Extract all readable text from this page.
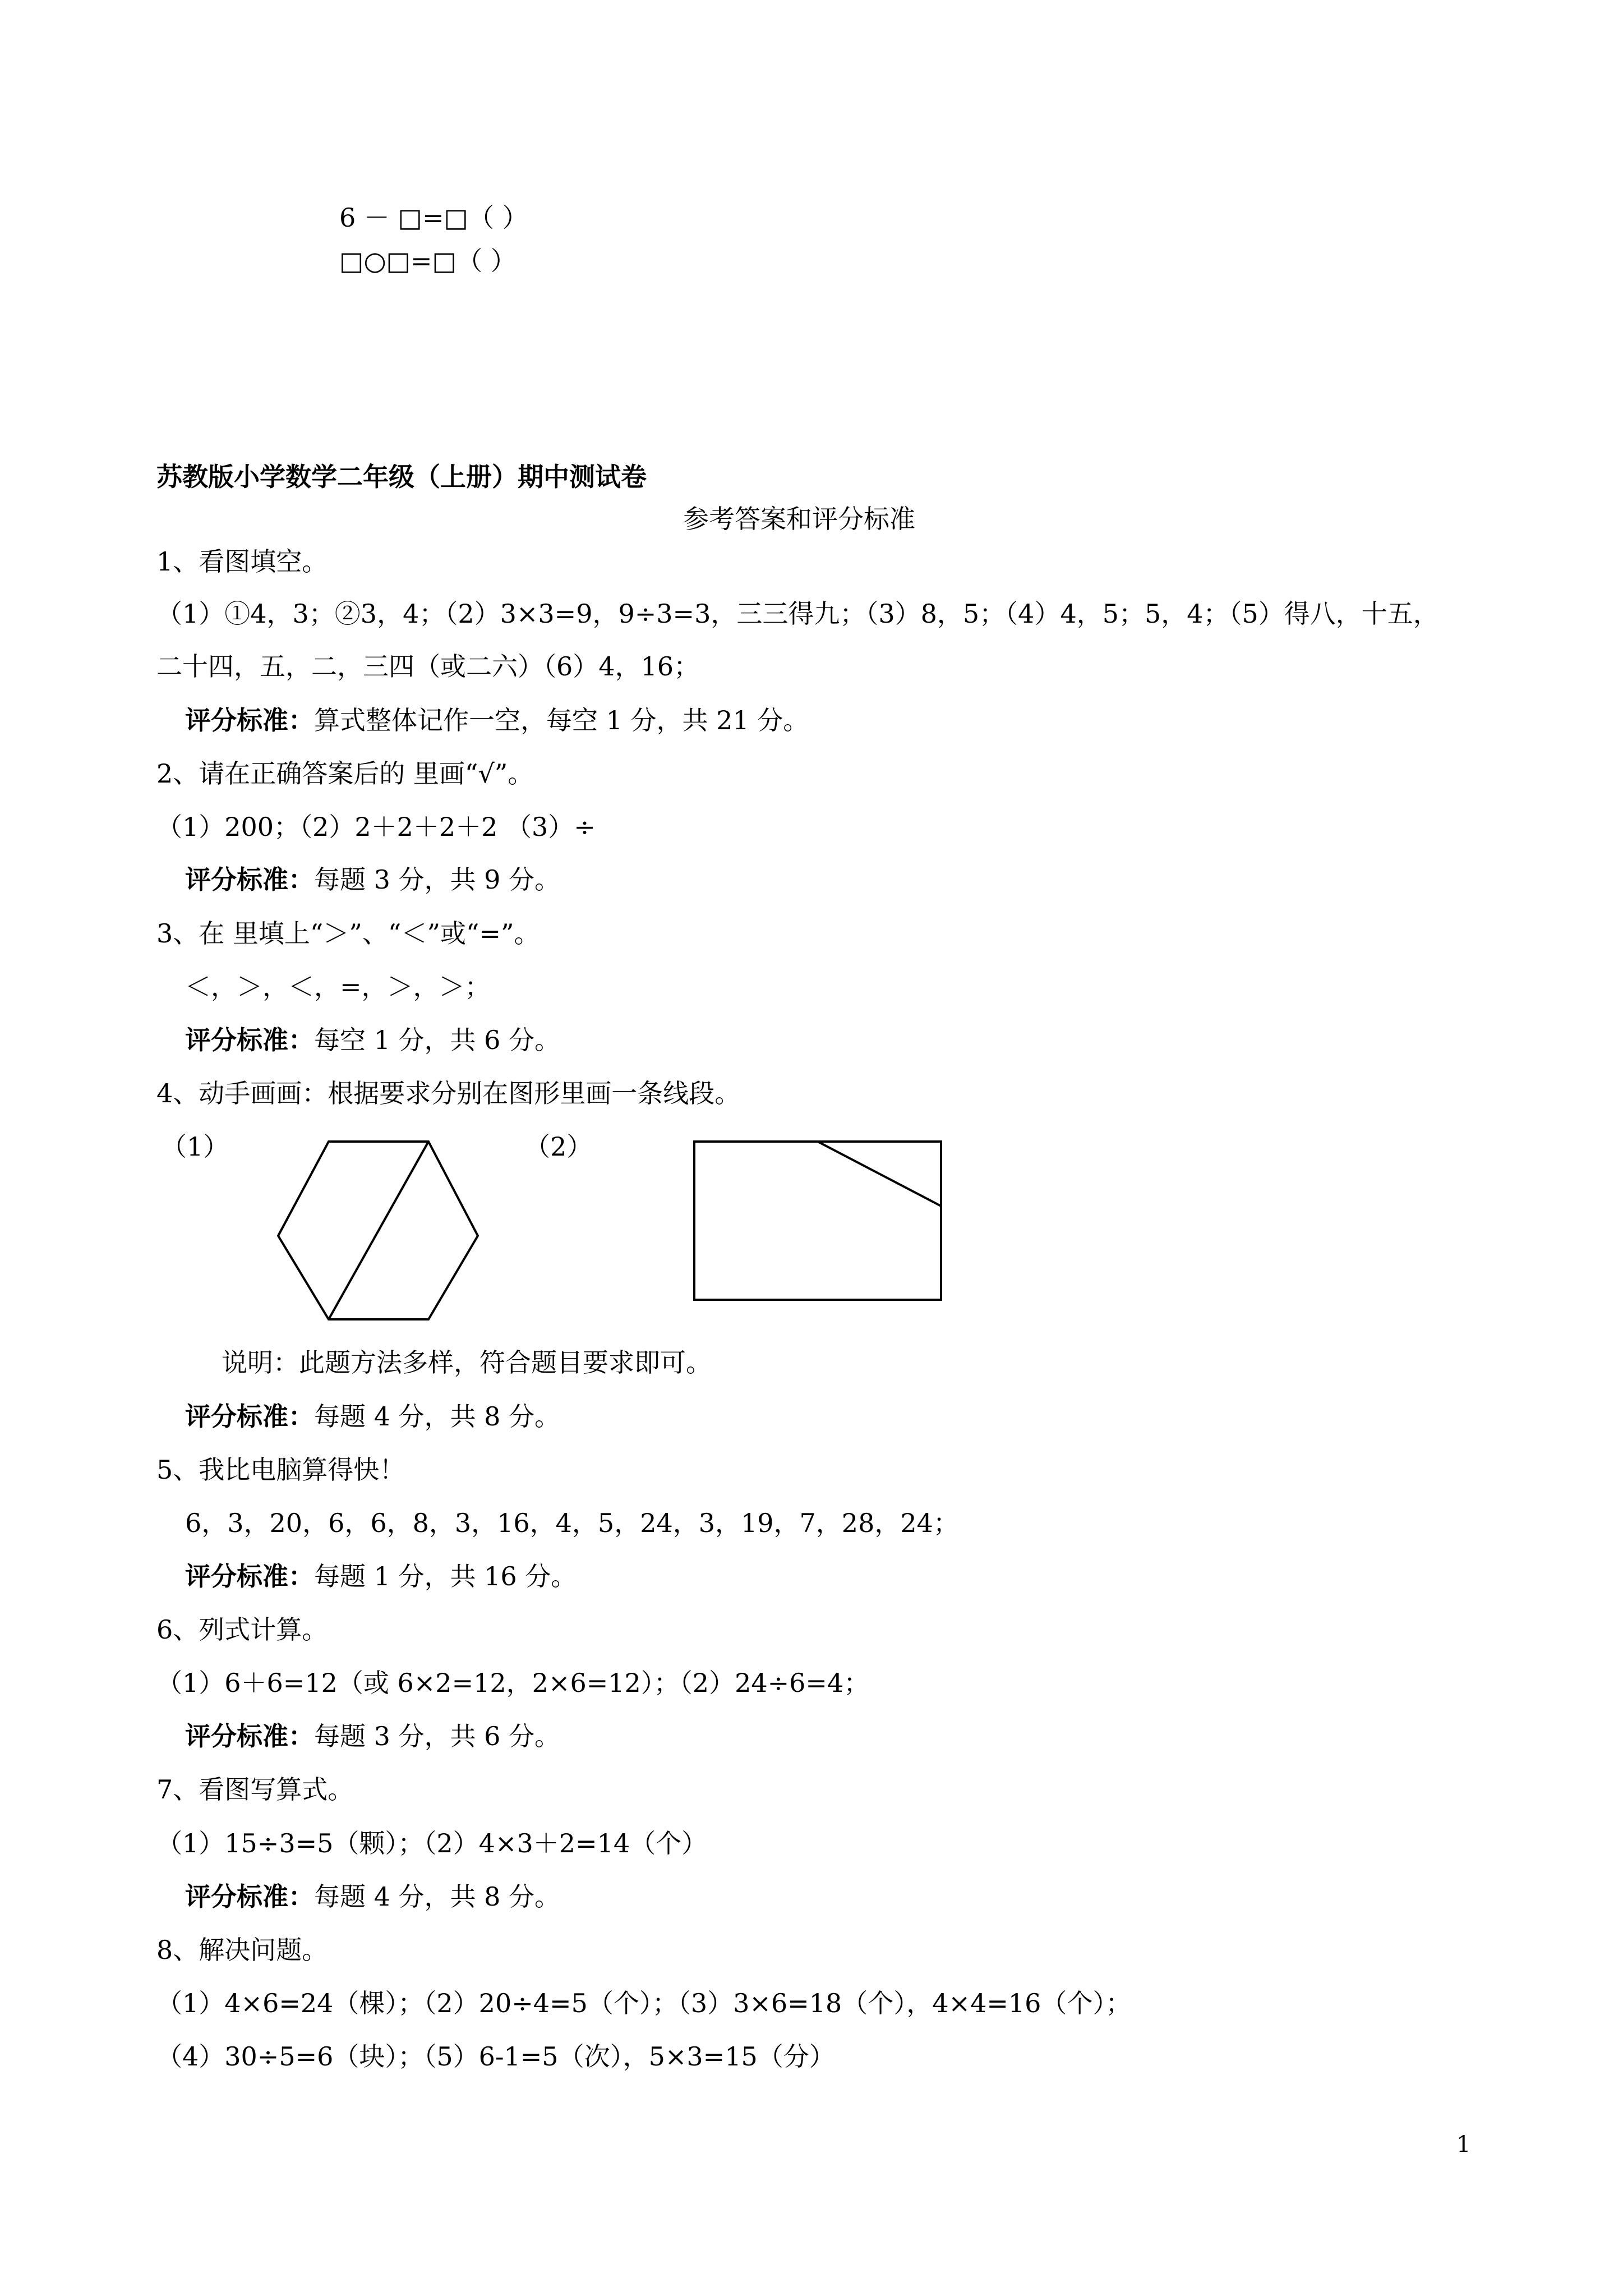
6 － □=□（ ）
□○□=□（ ）
苏教版小学数学二年级（上册）期中测试卷
参考答案和评分标准
1、看图填空。
（1）①4，3；②3，4；（2）3×3=9，9÷3=3，三三得九；（3）8，5；（4）4，5；5，4；（5）得八，十五，
二十四，五，二，三四（或二六）（6）4，16；
评分标准：算式整体记作一空，每空 1 分，共 21 分。
2、请在正确答案后的 里画“√”。
（1）200；（2）2＋2＋2＋2 （3）÷
评分标准：每题 3 分，共 9 分。
3、在 里填上“＞”、“＜”或“=”。
＜，＞，＜，=，＞，＞；
评分标准：每空 1 分，共 6 分。
4、动手画画：根据要求分别在图形里画一条线段。
（1）	（2）
说明：此题方法多样，符合题目要求即可。
评分标准：每题 4 分，共 8 分。
5、我比电脑算得快！
6，3，20，6，6，8，3，16，4，5，24，3，19，7，28，24；
评分标准：每题 1 分，共 16 分。
6、列式计算。
（1）6＋6=12（或 6×2=12，2×6=12）；（2）24÷6=4；
评分标准：每题 3 分，共 6 分。
7、看图写算式。
（1）15÷3=5（颗）；（2）4×3＋2=14（个）
评分标准：每题 4 分，共 8 分。
8、解决问题。
（1）4×6=24（棵）；（2）20÷4=5（个）；（3）3×6=18（个），4×4=16（个）；
（4）30÷5=6（块）；（5）6-1=5（次），5×3=15（分）
1
